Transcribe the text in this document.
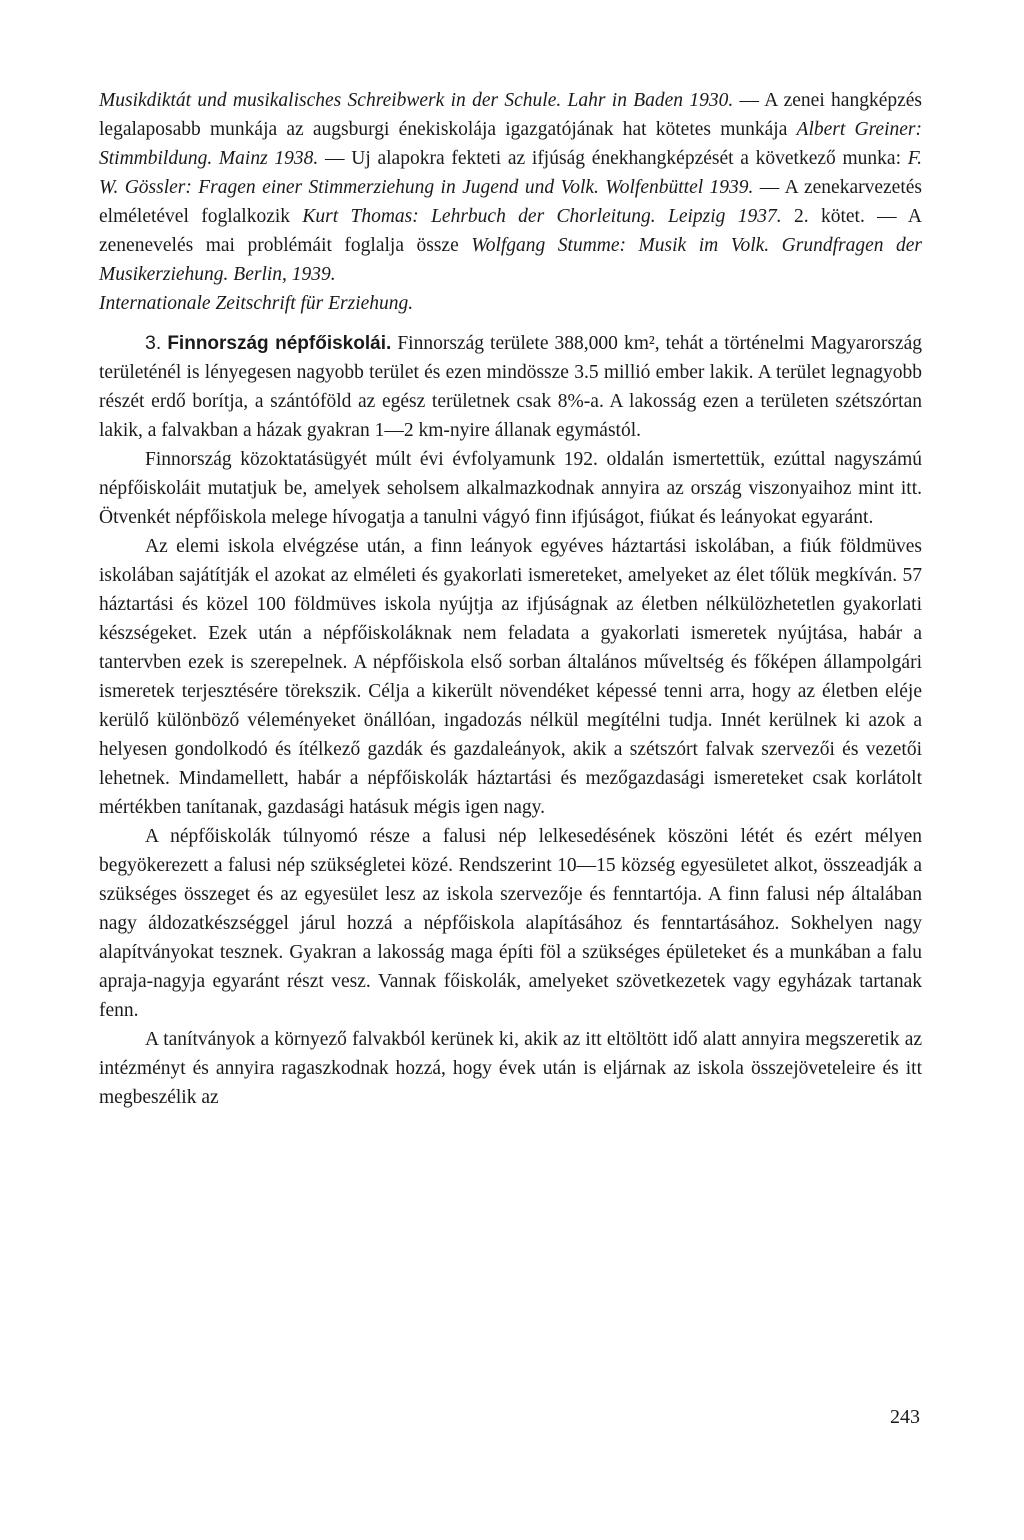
Musikdiktát und musikalisches Schreibwerk in der Schule. Lahr in Baden 1930. — A zenei hangképzés legalaposabb munkája az augsburgi énekiskolája igazgatójának hat kötetes munkája Albert Greiner: Stimmbildung. Mainz 1938. — Uj alapokra fekteti az ifjúság énekhangképzését a következő munka: F. W. Gössler: Fragen einer Stimmerziehung in Jugend und Volk. Wolfenbüttel 1939. — A zenekarvezetés elméletével foglalkozik Kurt Thomas: Lehrbuch der Chorleitung. Leipzig 1937. 2. kötet. — A zenenevelés mai problémáit foglalja össze Wolfgang Stumme: Musik im Volk. Grundfragen der Musikerziehung. Berlin, 1939.

Internationale Zeitschrift für Erziehung.

3. Finnország népfőiskolái. Finnország területe 388,000 km², tehát a történelmi Magyarország területénél is lényegesen nagyobb terület és ezen mindössze 3.5 millió ember lakik. A terület legnagyobb részét erdő borítja, a szántóföld az egész területnek csak 8%-a. A lakosság ezen a területen szétszórtan lakik, a falvakban a házak gyakran 1—2 km-nyire állanak egymástól.

Finnország közoktatásügyét múlt évi évfolyamunk 192. oldalán ismertettük, ezúttal nagyszámú népfőiskoláit mutatjuk be, amelyek seholsem alkalmazkodnak annyira az ország viszonyaihoz mint itt. Ötvenkét népfőiskola melege hívogatja a tanulni vágyó finn ifjúságot, fiúkat és leányokat egyaránt.

Az elemi iskola elvégzése után, a finn leányok egyéves háztartási iskolában, a fiúk földmüves iskolában sajátítják el azokat az elméleti és gyakorlati ismereteket, amelyeket az élet tőlük megkíván. 57 háztartási és közel 100 földmüves iskola nyújtja az ifjúságnak az életben nélkülözhetetlen gyakorlati készségeket. Ezek után a népfőiskoláknak nem feladata a gyakorlati ismeretek nyújtása, habár a tantervben ezek is szerepelnek. A népfőiskola első sorban általános műveltség és főképen állampolgári ismeretek terjesztésére törekszik. Célja a kikerült növendéket képessé tenni arra, hogy az életben eléje kerülő különböző véleményeket önállóan, ingadozás nélkül megítélni tudja. Innét kerülnek ki azok a helyesen gondolkodó és ítélkező gazdák és gazdaleányok, akik a szétszórt falvak szervezői és vezetői lehetnek. Mindamellett, habár a népfőiskolák háztartási és mezőgazdasági ismereteket csak korlátolt mértékben tanítanak, gazdasági hatásuk mégis igen nagy.

A népfőiskolák túlnyomó része a falusi nép lelkesedésének köszöni létét és ezért mélyen begyökerezett a falusi nép szükségletei közé. Rendszerint 10—15 község egyesületet alkot, összeadják a szükséges összeget és az egyesület lesz az iskola szervezője és fenntartója. A finn falusi nép általában nagy áldozatkészséggel járul hozzá a népfőiskola alapításához és fenntartásához. Sokhelyen nagy alapítványokat tesznek. Gyakran a lakosság maga építi föl a szükséges épületeket és a munkában a falu apraja-nagyja egyaránt részt vesz. Vannak főiskolák, amelyeket szövetkezetek vagy egyházak tartanak fenn.

A tanítványok a környező falvakból kerünek ki, akik az itt eltöltött idő alatt annyira megszeretik az intézményt és annyira ragaszkodnak hozzá, hogy évek után is eljárnak az iskola összejöveteleire és itt megbeszélik az

243
